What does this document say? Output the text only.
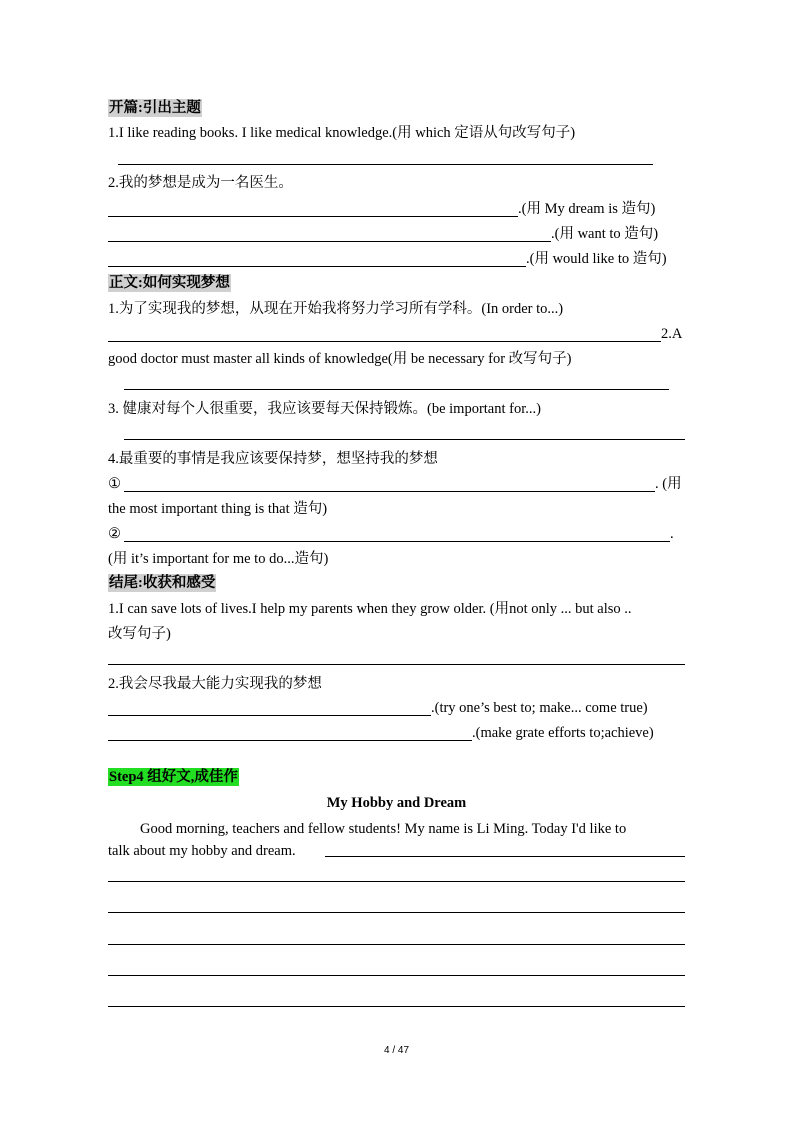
开篇:引出主题
1.I like reading books. I like medical knowledge.(用 which 定语从句改写句子)
2.我的梦想是成为一名医生。
.(用 My dream is 造句)
.(用 want to 造句)
.(用 would like to 造句)
正文:如何实现梦想
1.为了实现我的梦想，从现在开始我将努力学习所有学科。(In order to...)
2.A
good doctor must master all kinds of knowledge(用 be necessary for 改写句子)
3. 健康对每个人很重要，我应该要每天保持锻炼。(be important for...)
4.最重要的事情是我应该要保持梦，想坚持我的梦想
①	. (用
the most important thing is that 造句)
②	.
(用 it’s important for me to do...造句)
结尾:收获和感受
1.I can save lots of lives.I help my parents when they grow older. (用not only ... but also ..
改写句子)
2.我会尽我最大能力实现我的梦想
.(try one’s best to; make... come true)
.(make grate efforts to;achieve)
Step4 组好文,成佳作
My Hobby and Dream
Good morning, teachers and fellow students! My name is Li Ming. Today I'd like to
talk about my hobby and dream.
4 / 47
